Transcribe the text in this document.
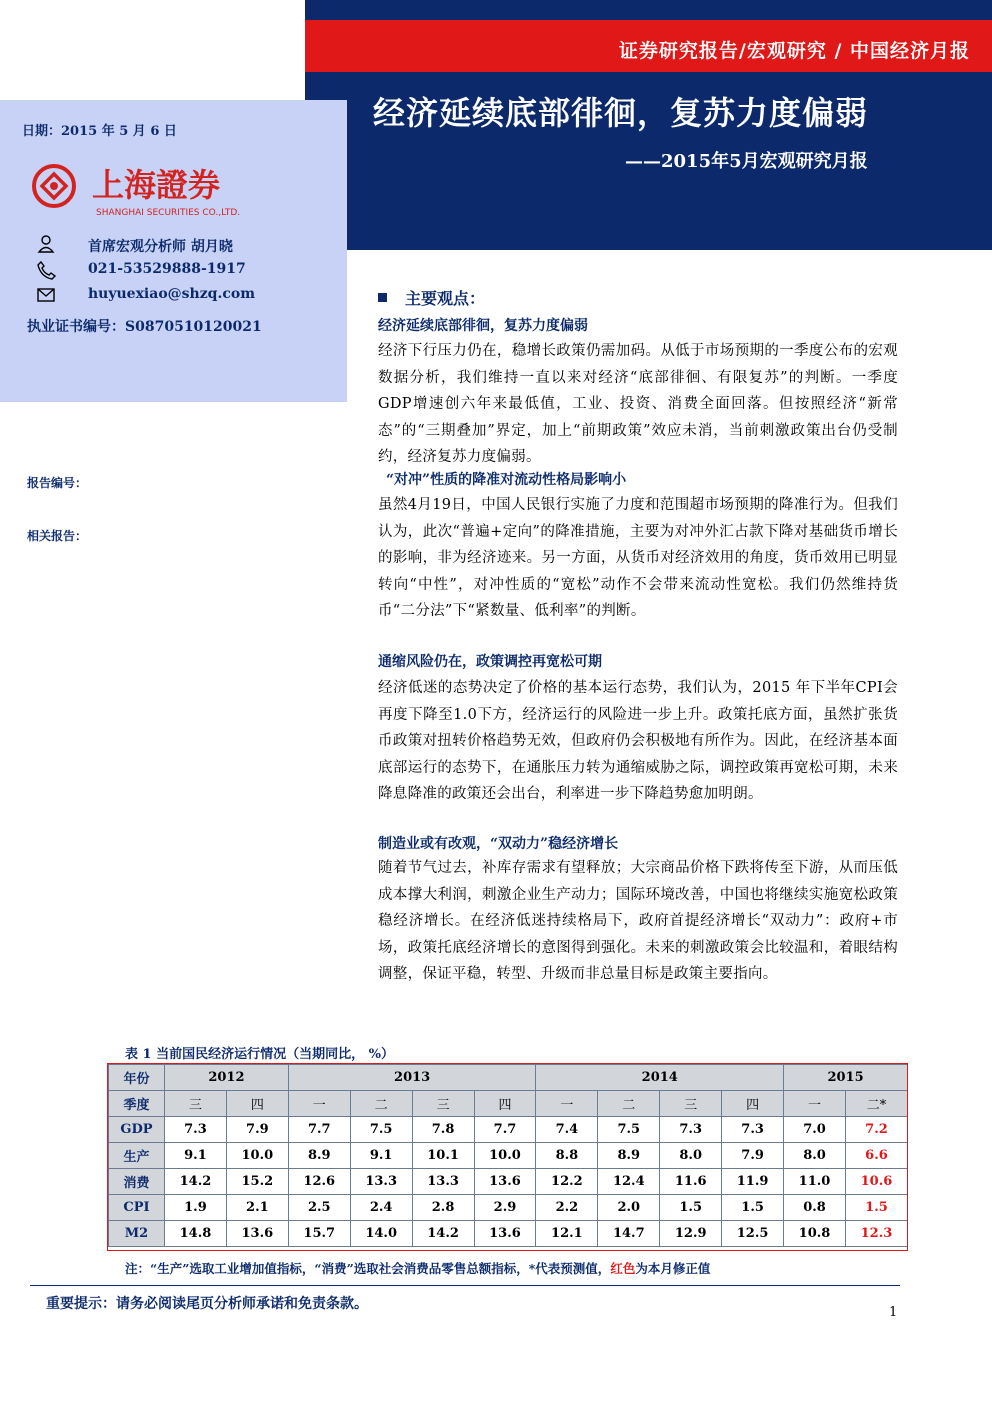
证券研究报告/宏观研究 / 中国经济月报
经济延续底部徘徊，复苏力度偏弱
——2015年5月宏观研究月报
日期：2015 年 5 月 6 日
上海證券
SHANGHAI SECURITIES CO.,LTD.
首席宏观分析师 胡月晓
021-53529888-1917
huyuexiao@shzq.com
执业证书编号：S0870510120021
报告编号：
相关报告：
主要观点：
经济延续底部徘徊，复苏力度偏弱
经济下行压力仍在，稳增长政策仍需加码。从低于市场预期的一季度公布的宏观数据分析，我们维持一直以来对经济“底部徘徊、有限复苏”的判断。一季度GDP增速创六年来最低值，工业、投资、消费全面回落。但按照经济“新常态”的“三期叠加”界定，加上“前期政策”效应未消，当前刺激政策出台仍受制约，经济复苏力度偏弱。
“对冲”性质的降准对流动性格局影响小
虽然4月19日，中国人民银行实施了力度和范围超市场预期的降准行为。但我们认为，此次“普遍+定向”的降准措施，主要为对冲外汇占款下降对基础货币增长的影响，非为经济迹来。另一方面，从货币对经济效用的角度，货币效用已明显转向“中性”，对冲性质的“宽松”动作不会带来流动性宽松。我们仍然维持货币“二分法”下“紧数量、低利率”的判断。
通缩风险仍在，政策调控再宽松可期
经济低迷的态势决定了价格的基本运行态势，我们认为，2015 年下半年CPI会再度下降至1.0下方，经济运行的风险进一步上升。政策托底方面，虽然扩张货币政策对扭转价格趋势无效，但政府仍会积极地有所作为。因此，在经济基本面底部运行的态势下，在通胀压力转为通缩威胁之际，调控政策再宽松可期，未来降息降准的政策还会出台，利率进一步下降趋势愈加明朗。
制造业或有改观，“双动力”稳经济增长
随着节气过去，补库存需求有望释放；大宗商品价格下跌将传至下游，从而压低成本撑大利润，刺激企业生产动力；国际环境改善，中国也将继续实施宽松政策稳经济增长。在经济低迷持续格局下，政府首提经济增长“双动力”：政府+市场，政策托底经济增长的意图得到强化。未来的刺激政策会比较温和，着眼结构调整，保证平稳，转型、升级而非总量目标是政策主要指向。
表 1 当前国民经济运行情况（当期同比， %）
年份	2012		2013				2014				2015	
季度	三	四	一	二	三	四	一	二	三	四	一	二*
GDP	7.3	7.9	7.7	7.5	7.8	7.7	7.4	7.5	7.3	7.3	7.0	7.2
生产	9.1	10.0	8.9	9.1	10.1	10.0	8.8	8.9	8.0	7.9	8.0	6.6
消费	14.2	15.2	12.6	13.3	13.3	13.6	12.2	12.4	11.6	11.9	11.0	10.6
CPI	1.9	2.1	2.5	2.4	2.8	2.9	2.2	2.0	1.5	1.5	0.8	1.5
M2	14.8	13.6	15.7	14.0	14.2	13.6	12.1	14.7	12.9	12.5	10.8	12.3
注：“生产”选取工业增加值指标，“消费”选取社会消费品零售总额指标，*代表预测值，红色为本月修正值
重要提示：请务必阅读尾页分析师承诺和免责条款。
1
